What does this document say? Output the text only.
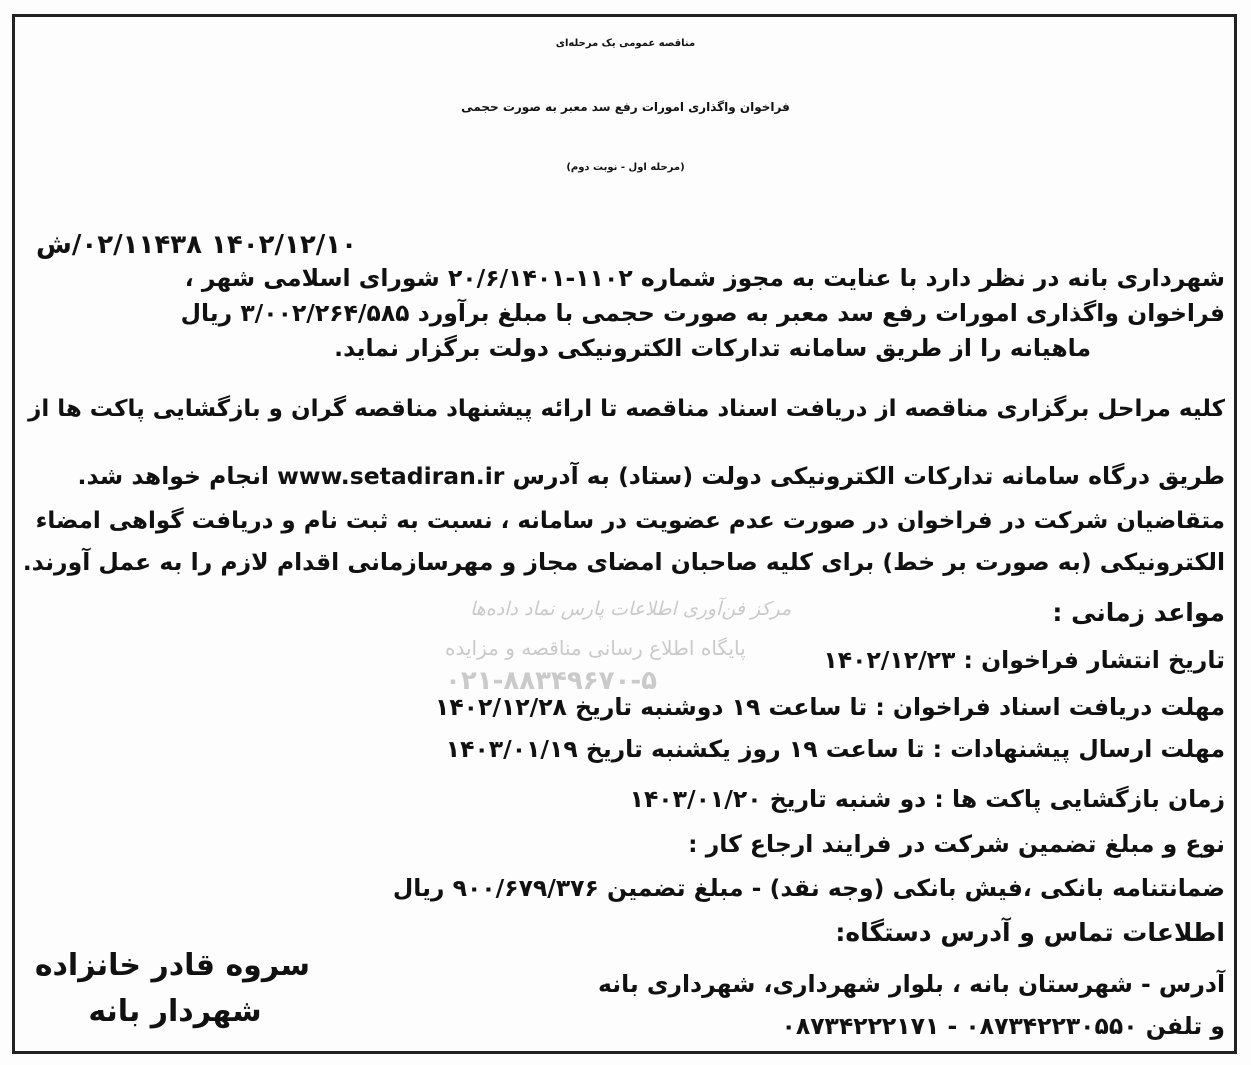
مرکز فن‌آوری اطلاعات پارس نماد داده‌ها
پایگاه اطلاع رسانی مناقصه و مزایده
۰۲۱-۸۸۳۴۹۶۷۰-۵
مناقصه عمومی یک مرحله‌ای
فراخوان واگذاری امورات رفع سد معبر به صورت حجمی
(مرحله اول - نوبت دوم)
۱۴۰۲/۱۲/۱۰ ۰۲/۱۱۴۳۸/ش
شهرداری بانه در نظر دارد با عنایت به مجوز شماره ۱۱۰۲-۲۰/۶/۱۴۰۱ شورای اسلامی شهر ،
فراخوان واگذاری امورات رفع سد معبر به صورت حجمی با مبلغ برآورد ۳/۰۰۲/۲۶۴/۵۸۵ ریال
ماهیانه را از طریق سامانه تدارکات الکترونیکی دولت برگزار نماید.
کلیه مراحل برگزاری مناقصه از دریافت اسناد مناقصه تا ارائه پیشنهاد مناقصه گران و بازگشایی پاکت ها از
طریق درگاه سامانه تدارکات الکترونیکی دولت (ستاد) به آدرس www.setadiran.ir انجام خواهد شد.
متقاضیان شرکت در فراخوان در صورت عدم عضویت در سامانه ، نسبت به ثبت نام و دریافت گواهی امضاء
الکترونیکی (به صورت بر خط) برای کلیه صاحبان امضای مجاز و مهرسازمانی اقدام لازم را به عمل آورند.
مواعد زمانی :
تاریخ انتشار فراخوان : ۱۴۰۲/۱۲/۲۳
مهلت دریافت اسناد فراخوان : تا ساعت ۱۹ دوشنبه تاریخ ۱۴۰۲/۱۲/۲۸
مهلت ارسال پیشنهادات : تا ساعت ۱۹ روز یکشنبه تاریخ ۱۴۰۳/۰۱/۱۹
زمان بازگشایی پاکت ها : دو شنبه تاریخ ۱۴۰۳/۰۱/۲۰
نوع و مبلغ تضمین شرکت در فرایند ارجاع کار :
ضمانتنامه بانکی ،فیش بانکی (وجه نقد) - مبلغ تضمین ۹۰۰/۶۷۹/۳۷۶ ریال
اطلاعات تماس و آدرس دستگاه:
آدرس - شهرستان بانه ، بلوار شهرداری، شهرداری بانه
و تلفن ۰۸۷۳۴۲۲۳۰۵۵۰ - ۰۸۷۳۴۲۲۲۱۷۱
سروه قادر خانزاده
شهردار بانه
